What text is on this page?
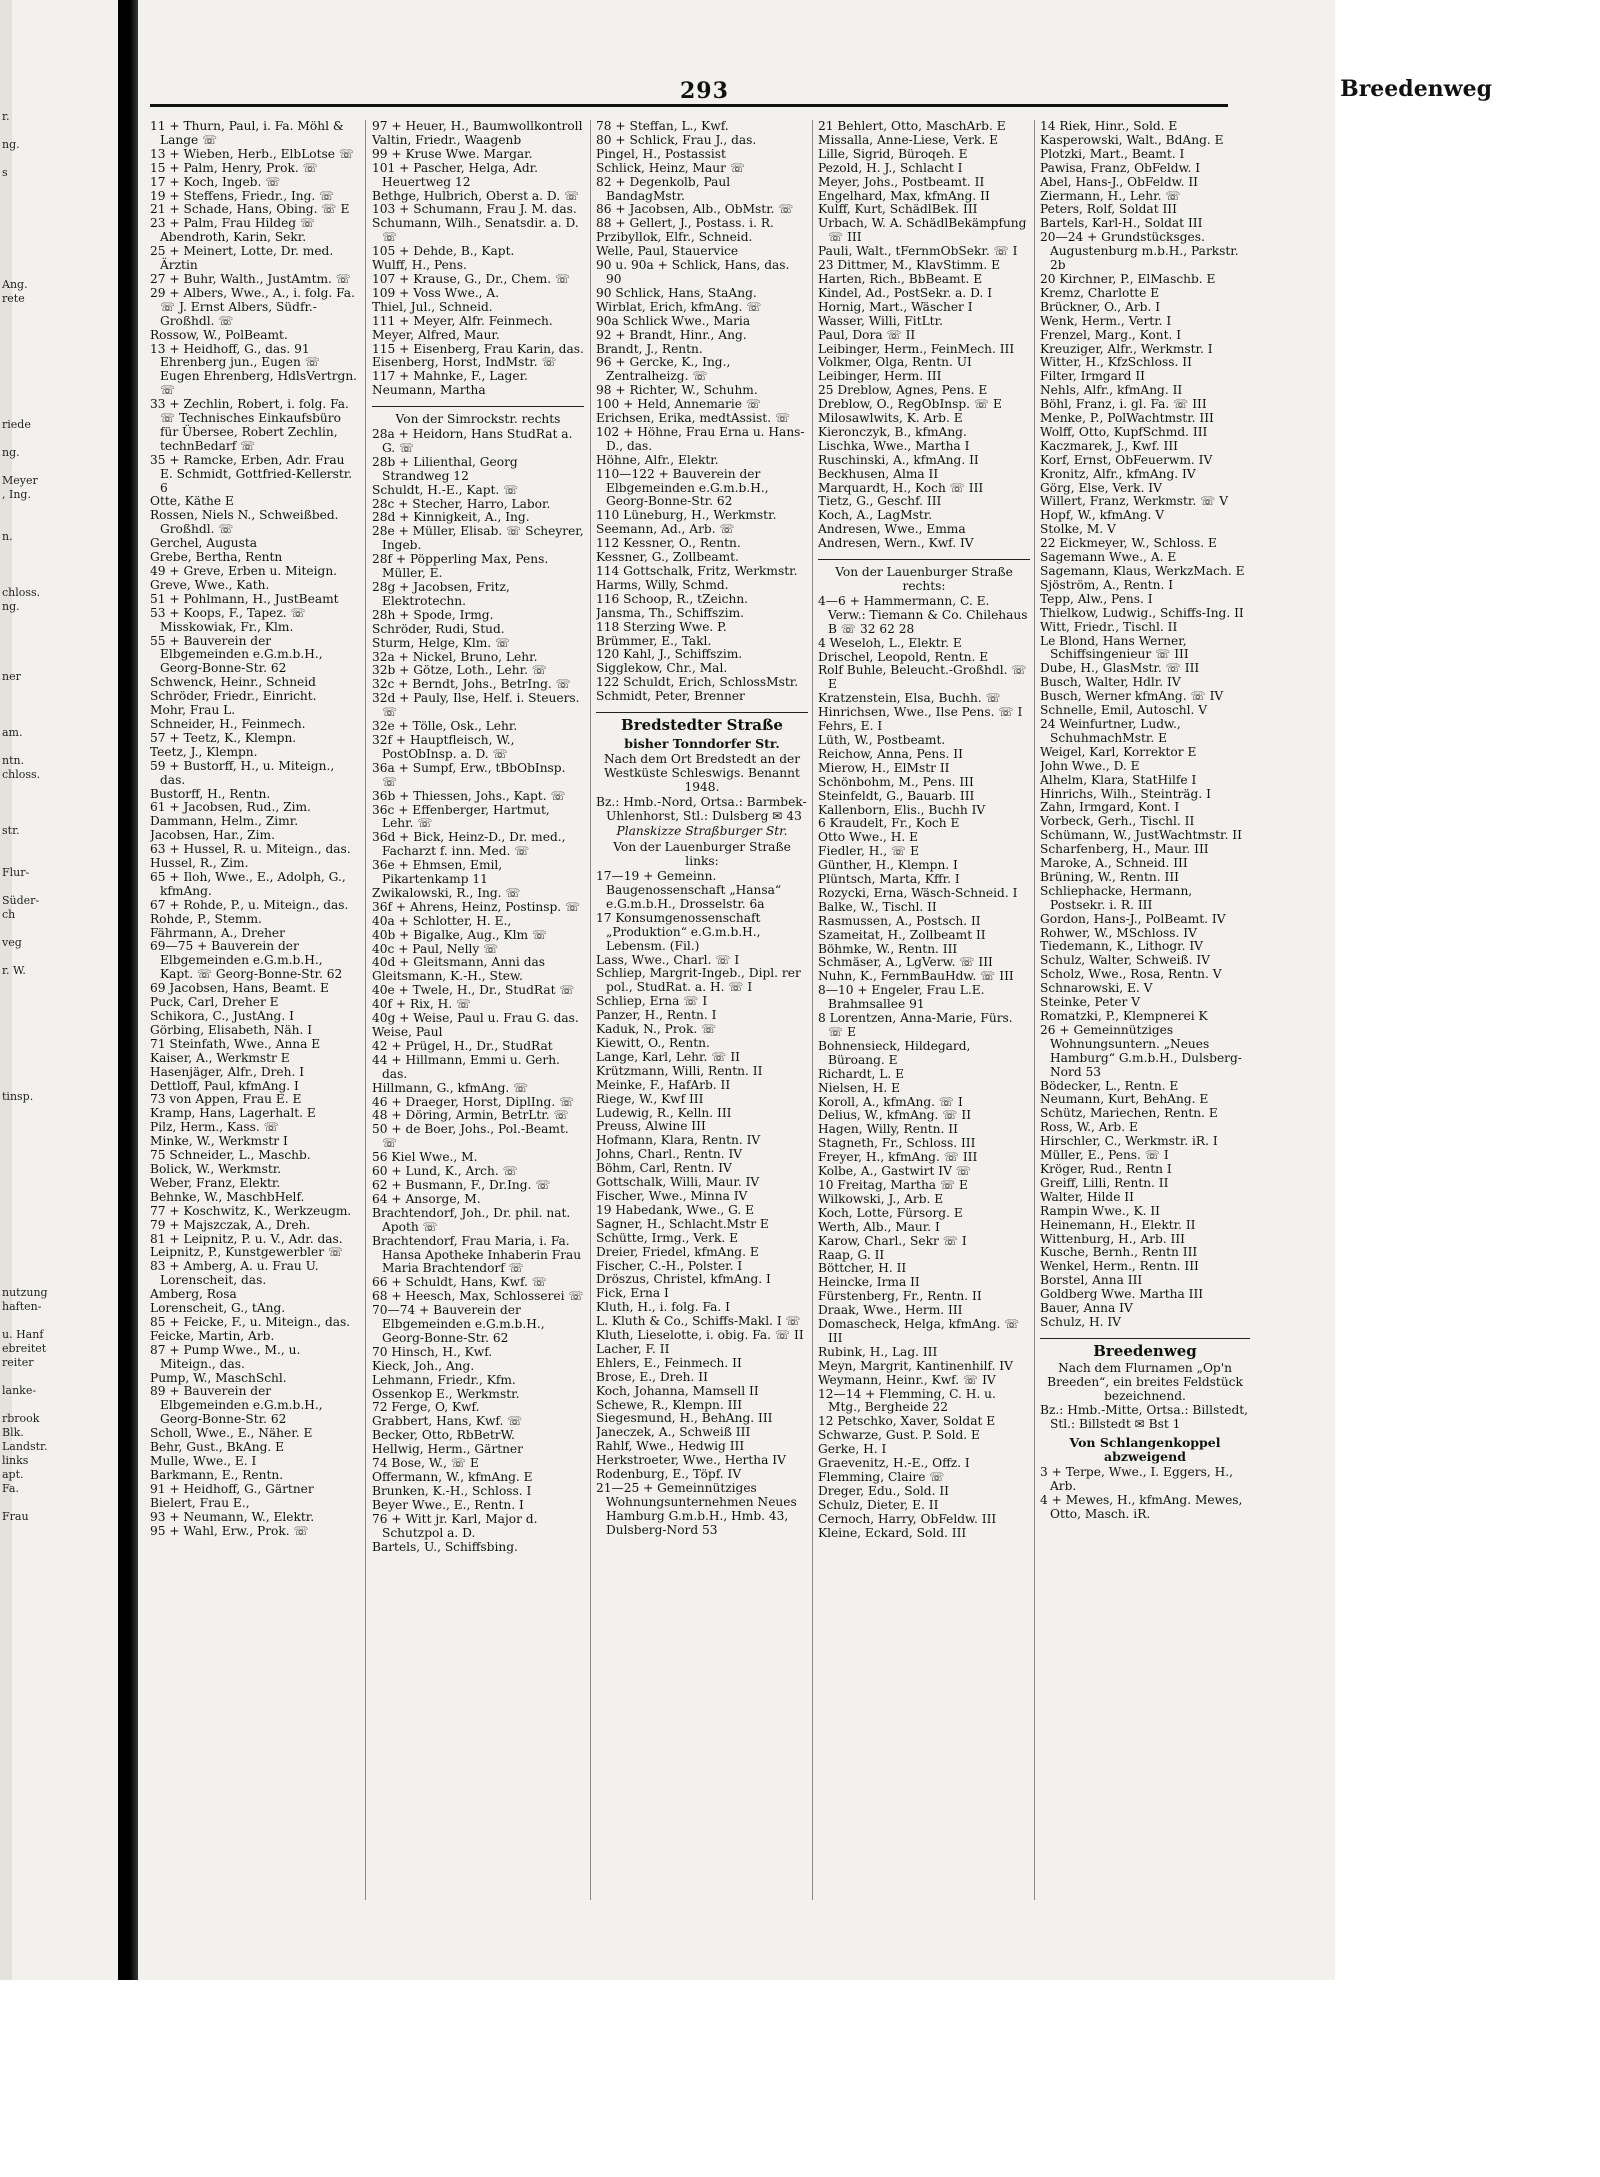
r.

ng.

s

Ang.
rete

riede

ng.

Meyer
, Ing.

n.

chloss.
ng.

ner

am.

ntn.
chloss.

str.

Flur-

Süder-
ch

veg

r. W.

tinsp.

nutzung
haften-

u. Hanf
ebreitet
reiter

lanke-

rbrook
Blk.
Landstr.
links
apt.
Fa.

Frau
293	Breedenweg
11 + Thurn, Paul, i. Fa. Möhl & Lange ☏
13 + Wieben, Herb., ElbLotse ☏
15 + Palm, Henry, Prok. ☏
17 + Koch, Ingeb. ☏
19 + Steffens, Friedr., Ing. ☏
21 + Schade, Hans, Obing. ☏ E
23 + Palm, Frau Hildeg ☏ Abendroth, Karin, Sekr.
25 + Meinert, Lotte, Dr. med. Ärztin
27 + Buhr, Walth., JustAmtm. ☏
29 + Albers, Wwe., A., i. folg. Fa. ☏ J. Ernst Albers, Südfr.-Großhdl. ☏
Rossow, W., PolBeamt.
13 + Heidhoff, G., das. 91 Ehrenberg jun., Eugen ☏ Eugen Ehrenberg, HdlsVertrgn. ☏
33 + Zechlin, Robert, i. folg. Fa. ☏ Technisches Einkaufsbüro für Übersee, Robert Zechlin, technBedarf ☏
35 + Ramcke, Erben, Adr. Frau E. Schmidt, Gottfried-Kellerstr. 6
Otte, Käthe E
Rossen, Niels N., Schweißbed. Großhdl. ☏
Gerchel, Augusta
Grebe, Bertha, Rentn
49 + Greve, Erben u. Miteign.
Greve, Wwe., Kath.
51 + Pohlmann, H., JustBeamt
53 + Koops, F., Tapez. ☏ Misskowiak, Fr., Klm.
55 + Bauverein der Elbgemeinden e.G.m.b.H., Georg-Bonne-Str. 62
Schwenck, Heinr., Schneid
Schröder, Friedr., Einricht.
Mohr, Frau L.
Schneider, H., Feinmech.
57 + Teetz, K., Klempn.
Teetz, J., Klempn.
59 + Bustorff, H., u. Miteign., das.
Bustorff, H., Rentn.
61 + Jacobsen, Rud., Zim.
Dammann, Helm., Zimr.
Jacobsen, Har., Zim.
63 + Hussel, R. u. Miteign., das.
Hussel, R., Zim.
65 + Iloh, Wwe., E., Adolph, G., kfmAng.
67 + Rohde, P., u. Miteign., das.
Rohde, P., Stemm.
Fährmann, A., Dreher
69—75 + Bauverein der Elbgemeinden e.G.m.b.H., Kapt. ☏ Georg-Bonne-Str. 62
69 Jacobsen, Hans, Beamt. E
Puck, Carl, Dreher E
Schikora, C., JustAng. I
Görbing, Elisabeth, Näh. I
71 Steinfath, Wwe., Anna E
Kaiser, A., Werkmstr E
Hasenjäger, Alfr., Dreh. I
Dettloff, Paul, kfmAng. I
73 von Appen, Frau E. E
Kramp, Hans, Lagerhalt. E
Pilz, Herm., Kass. ☏
Minke, W., Werkmstr I
75 Schneider, L., Maschb.
Bolick, W., Werkmstr.
Weber, Franz, Elektr.
Behnke, W., MaschbHelf.
77 + Koschwitz, K., Werkzeugm.
79 + Majszczak, A., Dreh.
81 + Leipnitz, P. u. V., Adr. das.
Leipnitz, P., Kunstgewerbler ☏
83 + Amberg, A. u. Frau U. Lorenscheit, das.
Amberg, Rosa
Lorenscheit, G., tAng.
85 + Feicke, F., u. Miteign., das.
Feicke, Martin, Arb.
87 + Pump Wwe., M., u. Miteign., das.
Pump, W., MaschSchl.
89 + Bauverein der Elbgemeinden e.G.m.b.H., Georg-Bonne-Str. 62
Scholl, Wwe., E., Näher. E
Behr, Gust., BkAng. E
Mulle, Wwe., E. I
Barkmann, E., Rentn.
91 + Heidhoff, G., Gärtner
Bielert, Frau E.,
93 + Neumann, W., Elektr.
95 + Wahl, Erw., Prok. ☏
97 + Heuer, H., Baumwollkontroll
Valtin, Friedr., Waagenb
99 + Kruse Wwe. Margar.
101 + Pascher, Helga, Adr. Heuertweg 12
Bethge, Hulbrich, Oberst a. D. ☏
103 + Schumann, Frau J. M. das.
Schumann, Wilh., Senatsdir. a. D. ☏
105 + Dehde, B., Kapt.
Wulff, H., Pens.
107 + Krause, G., Dr., Chem. ☏
109 + Voss Wwe., A.
Thiel, Jul., Schneid.
111 + Meyer, Alfr. Feinmech.
Meyer, Alfred, Maur.
115 + Eisenberg, Frau Karin, das.
Eisenberg, Horst, IndMstr. ☏
117 + Mahnke, F., Lager.
Neumann, Martha
Von der Simrockstr. rechts
28a + Heidorn, Hans StudRat a. G. ☏
28b + Lilienthal, Georg Strandweg 12
Schuldt, H.-E., Kapt. ☏
28c + Stecher, Harro, Labor.
28d + Kinnigkeit, A., Ing.
28e + Müller, Elisab. ☏ Scheyrer, Ingeb.
28f + Pöpperling Max, Pens. Müller, E.
28g + Jacobsen, Fritz, Elektrotechn.
28h + Spode, Irmg.
Schröder, Rudi, Stud.
Sturm, Helge, Klm. ☏
32a + Nickel, Bruno, Lehr.
32b + Götze, Loth., Lehr. ☏
32c + Berndt, Johs., BetrIng. ☏
32d + Pauly, Ilse, Helf. i. Steuers. ☏
32e + Tölle, Osk., Lehr.
32f + Hauptfleisch, W., PostObInsp. a. D. ☏
36a + Sumpf, Erw., tBbObInsp. ☏
36b + Thiessen, Johs., Kapt. ☏
36c + Effenberger, Hartmut, Lehr. ☏
36d + Bick, Heinz-D., Dr. med., Facharzt f. inn. Med. ☏
36e + Ehmsen, Emil, Pikartenkamp 11
Zwikalowski, R., Ing. ☏
36f + Ahrens, Heinz, Postinsp. ☏
40a + Schlotter, H. E.,
40b + Bigalke, Aug., Klm ☏
40c + Paul, Nelly ☏
40d + Gleitsmann, Anni das
Gleitsmann, K.-H., Stew.
40e + Twele, H., Dr., StudRat ☏
40f + Rix, H. ☏
40g + Weise, Paul u. Frau G. das.
Weise, Paul
42 + Prügel, H., Dr., StudRat
44 + Hillmann, Emmi u. Gerh. das.
Hillmann, G., kfmAng. ☏
46 + Draeger, Horst, DiplIng. ☏
48 + Döring, Armin, BetrLtr. ☏
50 + de Boer, Johs., Pol.-Beamt. ☏
56 Kiel Wwe., M.
60 + Lund, K., Arch. ☏
62 + Busmann, F., Dr.Ing. ☏
64 + Ansorge, M.
Brachtendorf, Joh., Dr. phil. nat. Apoth ☏
Brachtendorf, Frau Maria, i. Fa. Hansa Apotheke Inhaberin Frau Maria Brachtendorf ☏
66 + Schuldt, Hans, Kwf. ☏
68 + Heesch, Max, Schlosserei ☏
70—74 + Bauverein der Elbgemeinden e.G.m.b.H., Georg-Bonne-Str. 62
70 Hinsch, H., Kwf.
Kieck, Joh., Ang.
Lehmann, Friedr., Kfm.
Ossenkop E., Werkmstr.
72 Ferge, O, Kwf.
Grabbert, Hans, Kwf. ☏
Becker, Otto, RbBetrW.
Hellwig, Herm., Gärtner
74 Bose, W., ☏ E
Offermann, W., kfmAng. E
Brunken, K.-H., Schloss. I
Beyer Wwe., E., Rentn. I
76 + Witt jr. Karl, Major d. Schutzpol a. D.
Bartels, U., Schiffsbing.
78 + Steffan, L., Kwf.
80 + Schlick, Frau J., das.
Pingel, H., Postassist
Schlick, Heinz, Maur ☏
82 + Degenkolb, Paul BandagMstr.
86 + Jacobsen, Alb., ObMstr. ☏
88 + Gellert, J., Postass. i. R.
Przibyllok, Elfr., Schneid.
Welle, Paul, Stauervice
90 u. 90a + Schlick, Hans, das. 90
90 Schlick, Hans, StaAng.
Wirblat, Erich, kfmAng. ☏
90a Schlick Wwe., Maria
92 + Brandt, Hinr., Ang.
Brandt, J., Rentn.
96 + Gercke, K., Ing., Zentralheizg. ☏
98 + Richter, W., Schuhm.
100 + Held, Annemarie ☏
Erichsen, Erika, medtAssist. ☏
102 + Höhne, Frau Erna u. Hans-D., das.
Höhne, Alfr., Elektr.
110—122 + Bauverein der Elbgemeinden e.G.m.b.H., Georg-Bonne-Str. 62
110 Lüneburg, H., Werkmstr.
Seemann, Ad., Arb. ☏
112 Kessner, O., Rentn.
Kessner, G., Zollbeamt.
114 Gottschalk, Fritz, Werkmstr.
Harms, Willy, Schmd.
116 Schoop, R., tZeichn.
Jansma, Th., Schiffszim.
118 Sterzing Wwe. P.
Brümmer, E., Takl.
120 Kahl, J., Schiffszim.
Sigglekow, Chr., Mal.
122 Schuldt, Erich, SchlossMstr.
Schmidt, Peter, Brenner
Bredstedter Straße
bisher Tonndorfer Str.
Nach dem Ort Bredstedt an der Westküste Schleswigs. Benannt 1948.
Bz.: Hmb.-Nord, Ortsa.: Barmbek-Uhlenhorst, Stl.: Dulsberg ✉ 43
Planskizze Straßburger Str.
Von der Lauenburger Straße links:
17—19 + Gemeinn. Baugenossenschaft „Hansa“ e.G.m.b.H., Drosselstr. 6a
17 Konsumgenossenschaft „Produktion“ e.G.m.b.H., Lebensm. (Fil.)
Lass, Wwe., Charl. ☏ I
Schliep, Margrit-Ingeb., Dipl. rer pol., StudRat. a. H. ☏ I
Schliep, Erna ☏ I
Panzer, H., Rentn. I
Kaduk, N., Prok. ☏
Kiewitt, O., Rentn.
Lange, Karl, Lehr. ☏ II
Krützmann, Willi, Rentn. II
Meinke, F., HafArb. II
Riege, W., Kwf III
Ludewig, R., Kelln. III
Preuss, Alwine III
Hofmann, Klara, Rentn. IV
Johns, Charl., Rentn. IV
Böhm, Carl, Rentn. IV
Gottschalk, Willi, Maur. IV
Fischer, Wwe., Minna IV
19 Habedank, Wwe., G. E
Sagner, H., Schlacht.Mstr E
Schütte, Irmg., Verk. E
Dreier, Friedel, kfmAng. E
Fischer, C.-H., Polster. I
Dröszus, Christel, kfmAng. I
Fick, Erna I
Kluth, H., i. folg. Fa. I
L. Kluth & Co., Schiffs-Makl. I ☏
Kluth, Lieselotte, i. obig. Fa. ☏ II
Lacher, F. II
Ehlers, E., Feinmech. II
Brose, E., Dreh. II
Koch, Johanna, Mamsell II
Schewe, R., Klempn. III
Siegesmund, H., BehAng. III
Janeczek, A., Schweiß III
Rahlf, Wwe., Hedwig III
Herkstroeter, Wwe., Hertha IV
Rodenburg, E., Töpf. IV
21—25 + Gemeinnütziges Wohnungsunternehmen Neues Hamburg G.m.b.H., Hmb. 43, Dulsberg-Nord 53
21 Behlert, Otto, MaschArb. E
Missalla, Anne-Liese, Verk. E
Lille, Sigrid, Büroqeh. E
Pezold, H. J., Schlacht I
Meyer, Johs., Postbeamt. II
Engelhard, Max, kfmAng. II
Kulff, Kurt, SchädlBek. III
Urbach, W. A. SchädlBekämpfung ☏ III
Pauli, Walt., tFernmObSekr. ☏ I
23 Dittmer, M., KlavStimm. E
Harten, Rich., BbBeamt. E
Kindel, Ad., PostSekr. a. D. I
Hornig, Mart., Wäscher I
Wasser, Willi, FitLtr.
Paul, Dora ☏ II
Leibinger, Herm., FeinMech. III
Volkmer, Olga, Rentn. UI
Leibinger, Herm. III
25 Dreblow, Agnes, Pens. E
Dreblow, O., RegObInsp. ☏ E
Milosawlwits, K. Arb. E
Kieronczyk, B., kfmAng.
Lischka, Wwe., Martha I
Ruschinski, A., kfmAng. II
Beckhusen, Alma II
Marquardt, H., Koch ☏ III
Tietz, G., Geschf. III
Koch, A., LagMstr.
Andresen, Wwe., Emma
Andresen, Wern., Kwf. IV
Von der Lauenburger Straße rechts:
4—6 + Hammermann, C. E. Verw.: Tiemann & Co. Chilehaus B ☏ 32 62 28
4 Weseloh, L., Elektr. E
Drischel, Leopold, Rentn. E
Rolf Buhle, Beleucht.-Großhdl. ☏ E
Kratzenstein, Elsa, Buchh. ☏
Hinrichsen, Wwe., Ilse Pens. ☏ I
Fehrs, E. I
Lüth, W., Postbeamt.
Reichow, Anna, Pens. II
Mierow, H., ElMstr II
Schönbohm, M., Pens. III
Steinfeldt, G., Bauarb. III
Kallenborn, Elis., Buchh IV
6 Kraudelt, Fr., Koch E
Otto Wwe., H. E
Fiedler, H., ☏ E
Günther, H., Klempn. I
Plüntsch, Marta, Kffr. I
Rozycki, Erna, Wäsch-Schneid. I
Balke, W., Tischl. II
Rasmussen, A., Postsch. II
Szameitat, H., Zollbeamt II
Böhmke, W., Rentn. III
Schmäser, A., LgVerw. ☏ III
Nuhn, K., FernmBauHdw. ☏ III
8—10 + Engeler, Frau L.E. Brahmsallee 91
8 Lorentzen, Anna-Marie, Fürs. ☏ E
Bohnensieck, Hildegard, Büroang. E
Richardt, L. E
Nielsen, H. E
Koroll, A., kfmAng. ☏ I
Delius, W., kfmAng. ☏ II
Hagen, Willy, Rentn. II
Stagneth, Fr., Schloss. III
Freyer, H., kfmAng. ☏ III
Kolbe, A., Gastwirt IV ☏
10 Freitag, Martha ☏ E
Wilkowski, J., Arb. E
Koch, Lotte, Fürsorg. E
Werth, Alb., Maur. I
Karow, Charl., Sekr ☏ I
Raap, G. II
Böttcher, H. II
Heincke, Irma II
Fürstenberg, Fr., Rentn. II
Draak, Wwe., Herm. III
Domascheck, Helga, kfmAng. ☏ III
Rubink, H., Lag. III
Meyn, Margrit, Kantinenhilf. IV
Weymann, Heinr., Kwf. ☏ IV
12—14 + Flemming, C. H. u. Mtg., Bergheide 22
12 Petschko, Xaver, Soldat E
Schwarze, Gust. P. Sold. E
Gerke, H. I
Graevenitz, H.-E., Offz. I
Flemming, Claire ☏
Dreger, Edu., Sold. II
Schulz, Dieter, E. II
Cernoch, Harry, ObFeldw. III
Kleine, Eckard, Sold. III
14 Riek, Hinr., Sold. E
Kasperowski, Walt., BdAng. E
Plotzki, Mart., Beamt. I
Pawisa, Franz, ObFeldw. I
Abel, Hans-J., ObFeldw. II
Ziermann, H., Lehr. ☏
Peters, Rolf, Soldat III
Bartels, Karl-H., Soldat III
20—24 + Grundstücksges. Augustenburg m.b.H., Parkstr. 2b
20 Kirchner, P., ElMaschb. E
Kremz, Charlotte E
Brückner, O., Arb. I
Wenk, Herm., Vertr. I
Frenzel, Marg., Kont. I
Kreuziger, Alfr., Werkmstr. I
Witter, H., KfzSchloss. II
Filter, Irmgard II
Nehls, Alfr., kfmAng. II
Böhl, Franz, i. gl. Fa. ☏ III
Menke, P., PolWachtmstr. III
Wolff, Otto, KupfSchmd. III
Kaczmarek, J., Kwf. III
Korf, Ernst, ObFeuerwm. IV
Kronitz, Alfr., kfmAng. IV
Görg, Else, Verk. IV
Willert, Franz, Werkmstr. ☏ V
Hopf, W., kfmAng. V
Stolke, M. V
22 Eickmeyer, W., Schloss. E
Sagemann Wwe., A. E
Sagemann, Klaus, WerkzMach. E
Sjöström, A., Rentn. I
Tepp, Alw., Pens. I
Thielkow, Ludwig., Schiffs-Ing. II
Witt, Friedr., Tischl. II
Le Blond, Hans Werner, Schiffsingenieur ☏ III
Dube, H., GlasMstr. ☏ III
Busch, Walter, Hdlr. IV
Busch, Werner kfmAng. ☏ IV
Schnelle, Emil, Autoschl. V
24 Weinfurtner, Ludw., SchuhmachMstr. E
Weigel, Karl, Korrektor E
John Wwe., D. E
Alhelm, Klara, StatHilfe I
Hinrichs, Wilh., Steinträg. I
Zahn, Irmgard, Kont. I
Vorbeck, Gerh., Tischl. II
Schümann, W., JustWachtmstr. II
Scharfenberg, H., Maur. III
Maroke, A., Schneid. III
Brüning, W., Rentn. III
Schliephacke, Hermann, Postsekr. i. R. III
Gordon, Hans-J., PolBeamt. IV
Rohwer, W., MSchloss. IV
Tiedemann, K., Lithogr. IV
Schulz, Walter, Schweiß. IV
Scholz, Wwe., Rosa, Rentn. V
Schnarowski, E. V
Steinke, Peter V
Romatzki, P., Klempnerei K
26 + Gemeinnütziges Wohnungsuntern. „Neues Hamburg“ G.m.b.H., Dulsberg-Nord 53
Bödecker, L., Rentn. E
Neumann, Kurt, BehAng. E
Schütz, Mariechen, Rentn. E
Ross, W., Arb. E
Hirschler, C., Werkmstr. iR. I
Müller, E., Pens. ☏ I
Kröger, Rud., Rentn I
Greiff, Lilli, Rentn. II
Walter, Hilde II
Rampin Wwe., K. II
Heinemann, H., Elektr. II
Wittenburg, H., Arb. III
Kusche, Bernh., Rentn III
Wenkel, Herm., Rentn. III
Borstel, Anna III
Goldberg Wwe. Martha III
Bauer, Anna IV
Schulz, H. IV
Breedenweg
Nach dem Flurnamen „Op'n Breeden“, ein breites Feldstück bezeichnend.
Bz.: Hmb.-Mitte, Ortsa.: Billstedt, Stl.: Billstedt ✉ Bst 1
Von Schlangenkoppel abzweigend
3 + Terpe, Wwe., I. Eggers, H., Arb.
4 + Mewes, H., kfmAng. Mewes, Otto, Masch. iR.
